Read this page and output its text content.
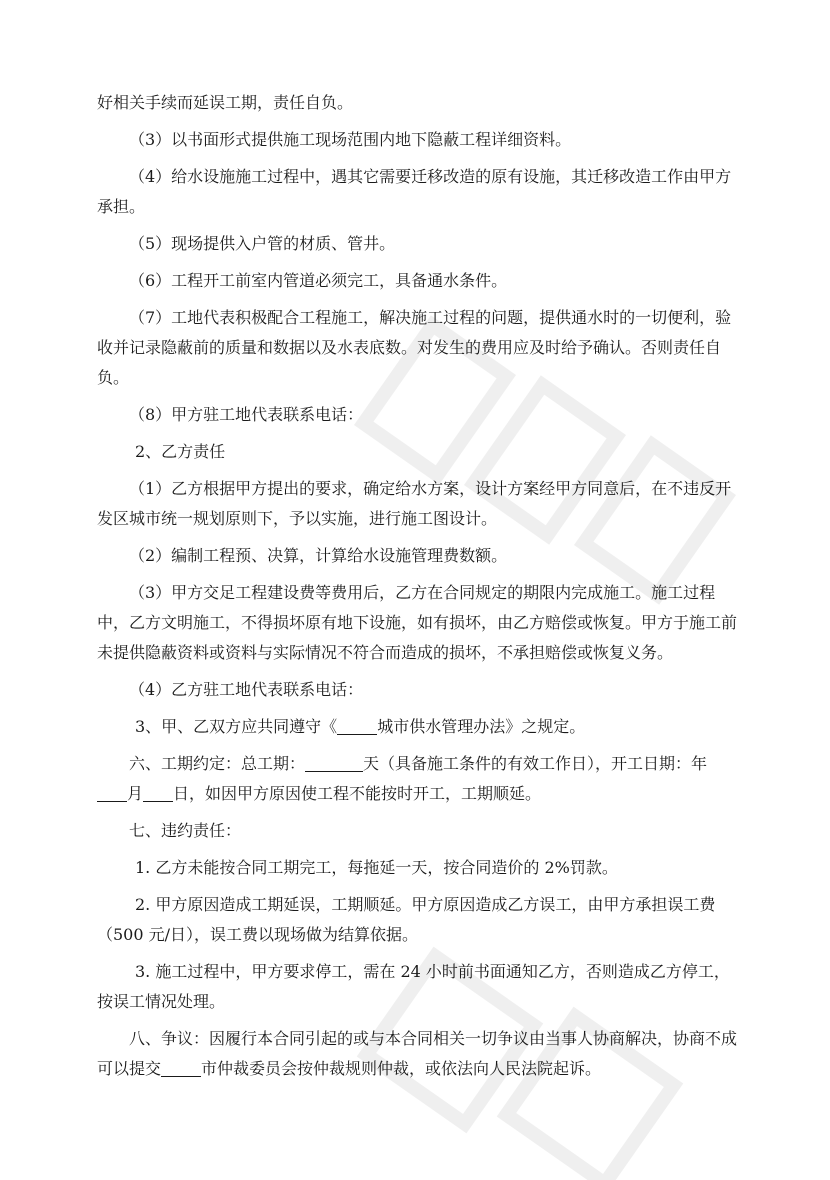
好相关手续而延误工期，责任自负。

（3）以书面形式提供施工现场范围内地下隐蔽工程详细资料。

（4）给水设施施工过程中，遇其它需要迁移改造的原有设施，其迁移改造工作由甲方承担。

（5）现场提供入户管的材质、管井。

（6）工程开工前室内管道必须完工，具备通水条件。

（7）工地代表积极配合工程施工，解决施工过程的问题，提供通水时的一切便利，验收并记录隐蔽前的质量和数据以及水表底数。对发生的费用应及时给予确认。否则责任自负。

（8）甲方驻工地代表联系电话：

2、乙方责任

（1）乙方根据甲方提出的要求，确定给水方案，设计方案经甲方同意后，在不违反开发区城市统一规划原则下，予以实施，进行施工图设计。

（2）编制工程预、决算，计算给水设施管理费数额。

（3）甲方交足工程建设费等费用后，乙方在合同规定的期限内完成施工。施工过程中，乙方文明施工，不得损坏原有地下设施，如有损坏，由乙方赔偿或恢复。甲方于施工前未提供隐蔽资料或资料与实际情况不符合而造成的损坏，不承担赔偿或恢复义务。

（4）乙方驻工地代表联系电话：

3、甲、乙双方应共同遵守《	城市供水管理办法》之规定。

六、工期约定：总工期：	天（具备施工条件的有效工作日），开工日期：年月 日，如因甲方原因使工程不能按时开工，工期顺延。

七、违约责任：

1. 乙方未能按合同工期完工，每拖延一天，按合同造价的 2%罚款。

2. 甲方原因造成工期延误，工期顺延。甲方原因造成乙方误工，由甲方承担误工费（500 元/日），误工费以现场做为结算依据。

3. 施工过程中，甲方要求停工，需在 24 小时前书面通知乙方，否则造成乙方停工，按误工情况处理。

八、争议：因履行本合同引起的或与本合同相关一切争议由当事人协商解决，协商不成可以提交	市仲裁委员会按仲裁规则仲裁，或依法向人民法院起诉。
